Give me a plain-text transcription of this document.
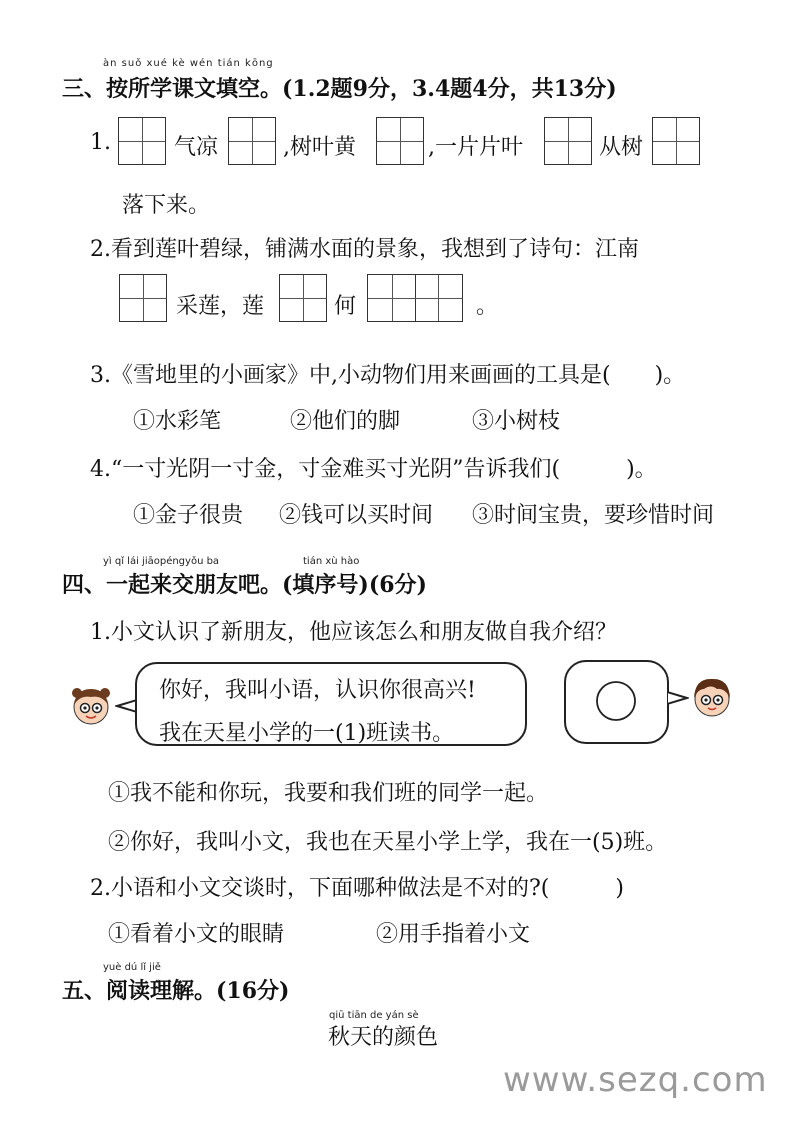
àn suǒ xué kè wén tián kōng
三、按所学课文填空。(1.2题9分，3.4题4分，共13分)
1.	气凉	,树叶黄	,一片片叶	从树
落下来。
2.看到莲叶碧绿，铺满水面的景象，我想到了诗句：江南
采莲，莲	何	。
3.《雪地里的小画家》中,小动物们用来画画的工具是(　　)。
①水彩笔	②他们的脚	③小树枝
4.“一寸光阴一寸金，寸金难买寸光阴”告诉我们(　　　)。
①金子很贵 ②钱可以买时间 ③时间宝贵，要珍惜时间
yì qǐ lái jiāopéngyǒu ba	tián xù hào
四、一起来交朋友吧。(填序号)(6分)
1.小文认识了新朋友，他应该怎么和朋友做自我介绍？
你好，我叫小语，认识你很高兴!
我在天星小学的一(1)班读书。
①我不能和你玩，我要和我们班的同学一起。
②你好，我叫小文，我也在天星小学上学，我在一(5)班。
2.小语和小文交谈时，下面哪种做法是不对的?(　　　)
①看着小文的眼睛	②用手指着小文
yuè dú lǐ jiě
五、阅读理解。(16分)
qiū tiān de yán sè
秋天的颜色
www.sezq.com
